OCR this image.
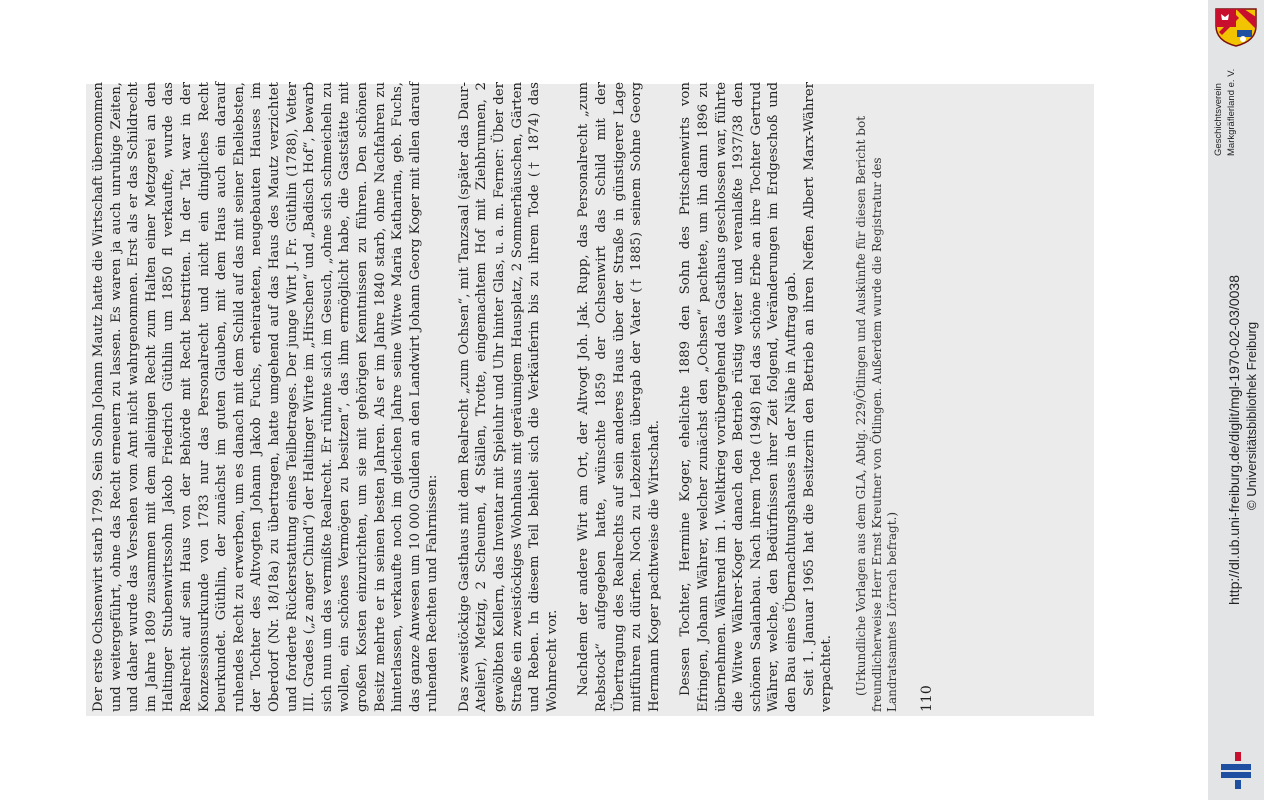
Der erste Ochsenwirt starb 1799. Sein Sohn Johann Mautz hatte die Wirtschaft übernommen und weitergeführt, ohne das Recht erneuern zu lassen. Es waren ja auch unruhige Zeiten, und daher wurde das Versehen vom Amt nicht wahrgenommen. Erst als er das Schildrecht im Jahre 1809 zusammen mit dem alleinigen Recht zum Halten einer Metzgerei an den Haltinger Stubenwirtssohn Jakob Friedrich Güthlin um 1850 fl verkaufte, wurde das Realrecht auf sein Haus von der Behörde mit Recht bestritten. In der Tat war in der Konzessionsurkunde von 1783 nur das Personalrecht und nicht ein dingliches Recht beurkundet. Güthlin, der zunächst im guten Glauben, mit dem Haus auch ein darauf ruhendes Recht zu erwerben, um es danach mit dem Schild auf das mit seiner Eheliebsten, der Tochter des Altvogten Johann Jakob Fuchs, erheirateten, neugebauten Hauses im Oberdorf (Nr. 18/18a) zu übertragen, hatte umgehend auf das Haus des Mautz verzichtet und forderte Rückerstattung eines Teilbetrages. Der junge Wirt J. Fr. Güthlin (1788), Vetter III. Grades („z anger Chind“) der Haltinger Wirte im „Hirschen“ und „Badisch Hof“, bewarb sich nun um das vermißte Realrecht. Er rühmte sich im Gesuch, „ohne sich schmeicheln zu wollen, ein schönes Vermögen zu besitzen“, das ihm ermöglicht habe, die Gaststätte mit großen Kosten einzurichten, um sie mit gehörigen Kenntnissen zu führen. Den schönen Besitz mehrte er in seinen besten Jahren. Als er im Jahre 1840 starb, ohne Nachfahren zu hinterlassen, verkaufte noch im gleichen Jahre seine Witwe Maria Katharina, geb. Fuchs, das ganze Anwesen um 10 000 Gulden an den Landwirt Johann Georg Koger mit allen darauf ruhenden Rechten und Fahrnissen: Das zweistöckige Gasthaus mit dem Realrecht „zum Ochsen“, mit Tanzsaal (später das Daur-Atelier), Metzig, 2 Scheunen, 4 Ställen, Trotte, eingemachtem Hof mit Ziehbrunnen, 2 gewölbten Kellern, das Inventar mit Spieluhr und Uhr hinter Glas, u. a. m. Ferner: Über der Straße ein zweistöckiges Wohnhaus mit geräumigem Hausplatz, 2 Sommerhäuschen, Gärten und Reben. In diesem Teil behielt sich die Verkäuferin bis zu ihrem Tode († 1874) das Wohnrecht vor. Nachdem der andere Wirt am Ort, der Altvogt Joh. Jak. Rupp, das Personalrecht „zum Rebstock“ aufgegeben hatte, wünschte 1859 der Ochsenwirt das Schild mit der Übertragung des Realrechts auf sein anderes Haus über der Straße in günstigerer Lage mitführen zu dürfen. Noch zu Lebzeiten übergab der Vater († 1885) seinem Sohne Georg Hermann Koger pachtweise die Wirtschaft. Dessen Tochter, Hermine Koger, ehelichte 1889 den Sohn des Pritschenwirts von Efringen, Johann Währer, welcher zunächst den „Ochsen“ pachtete, um ihn dann 1896 zu übernehmen. Während im 1. Weltkrieg vorübergehend das Gasthaus geschlossen war, führte die Witwe Währer-Koger danach den Betrieb rüstig weiter und veranlaßte 1937/38 den schönen Saalanbau. Nach ihrem Tode (1948) fiel das schöne Erbe an ihre Tochter Gertrud Währer, welche, den Bedürfnissen ihrer Zeit folgend, Veränderungen im Erdgeschoß und den Bau eines Übernachtungshauses in der Nähe in Auftrag gab. Seit 1. Januar 1965 hat die Besitzerin den Betrieb an ihren Neffen Albert Marx-Währer verpachtet. (Urkundliche Vorlagen aus dem GLA, Abtlg. 229/Ötlingen und Auskünfte für diesen Bericht bot freundlicherweise Herr Ernst Kreutner von Ötlingen. Außerdem wurde die Registratur des Landratsamtes Lörrach befragt.) 110
Geschichtsverein Markgräflerland e. V.
http://dl.ub.uni-freiburg.de/diglit/mgl-1970-02-03/0038 © Universitätsbibliothek Freiburg
